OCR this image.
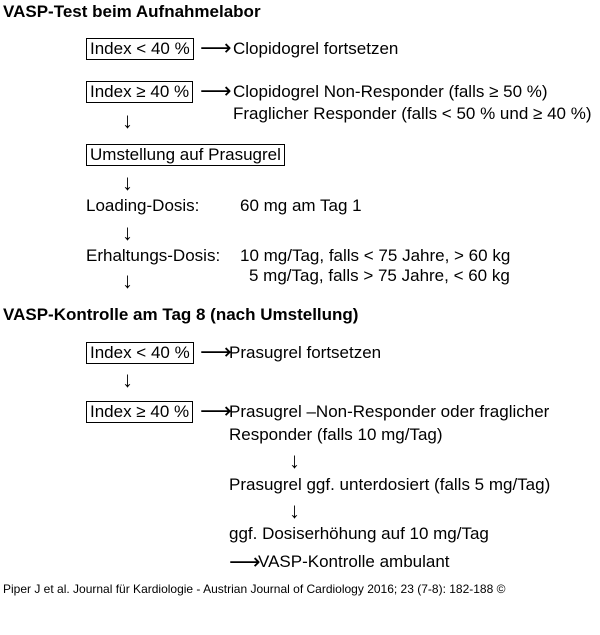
VASP-Test beim Aufnahmelabor
Index < 40 % ⟶ Clopidogrel fortsetzen
Index ≥ 40 % ⟶ Clopidogrel Non-Responder (falls ≥ 50 %)
Fraglicher Responder (falls < 50 % und ≥ 40 %)
↓
Umstellung auf Prasugrel
↓
Loading-Dosis: 60 mg am Tag 1
↓
Erhaltungs-Dosis: 10 mg/Tag, falls < 75 Jahre, > 60 kg
5 mg/Tag, falls > 75 Jahre, < 60 kg
↓
VASP-Kontrolle am Tag 8 (nach Umstellung)
Index < 40 % ⟶
Prasugrel fortsetzen
↓
Index ≥ 40 % ⟶
Prasugrel –Non-Responder oder fraglicher
Responder (falls 10 mg/Tag)
↓
Prasugrel ggf. unterdosiert (falls 5 mg/Tag)
↓
ggf. Dosiserhöhung auf 10 mg/Tag
⟶
VASP-Kontrolle ambulant
Piper J et al. Journal für Kardiologie - Austrian Journal of Cardiology 2016; 23 (7-8): 182-188 ©
